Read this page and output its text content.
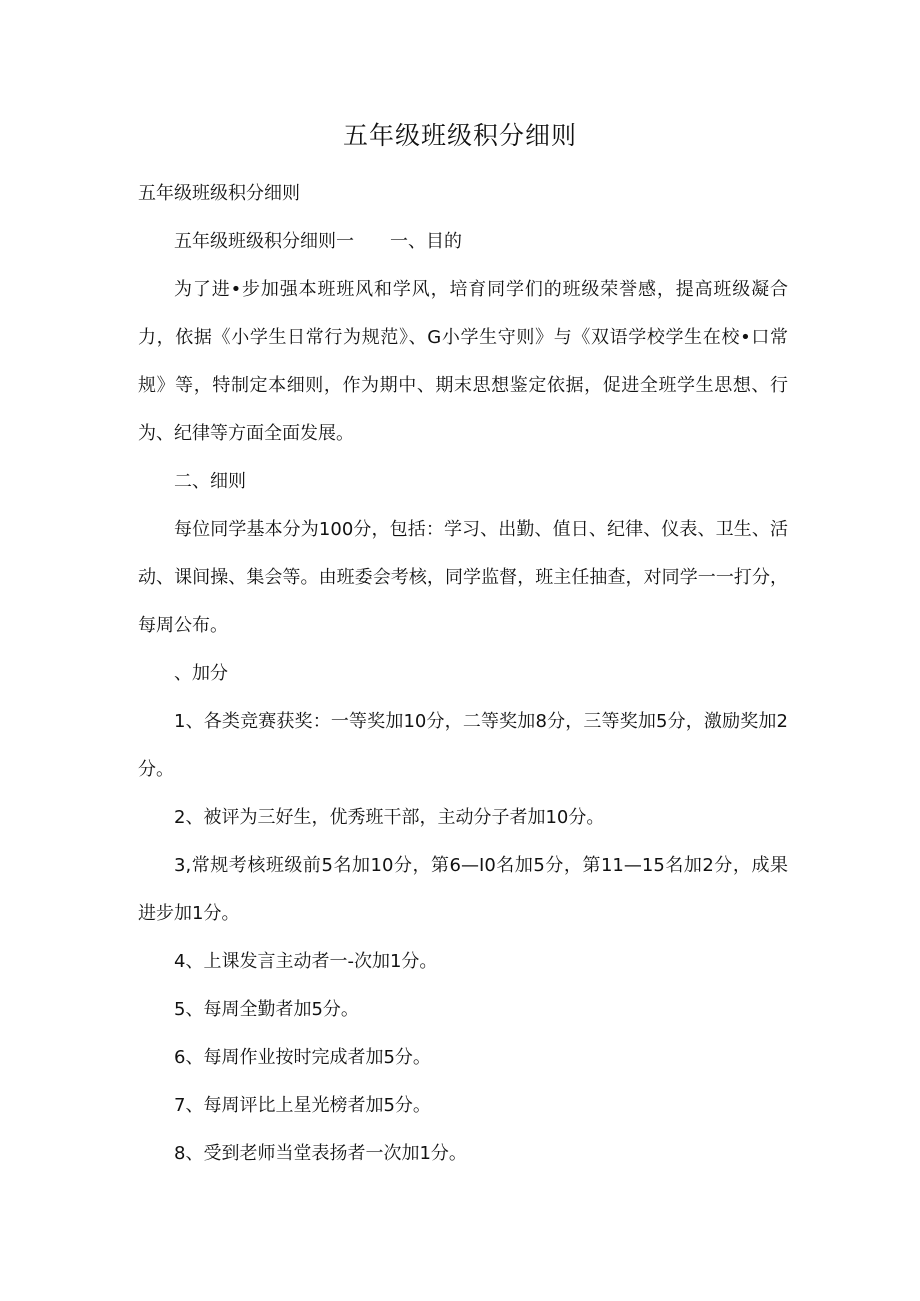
五年级班级积分细则

五年级班级积分细则

五年级班级积分细则一　　一、目的

为了进•步加强本班班风和学风，培育同学们的班级荣誉感，提高班级凝合力，依据《小学生日常行为规范》、G小学生守则》与《双语学校学生在校•口常规》等，特制定本细则，作为期中、期末思想鉴定依据，促进全班学生思想、行为、纪律等方面全面发展。

二、细则

每位同学基本分为100分，包括：学习、出勤、值日、纪律、仪表、卫生、活动、课间操、集会等。由班委会考核，同学监督，班主任抽查，对同学一一打分，每周公布。

、加分

1、各类竞赛获奖：一等奖加10分，二等奖加8分，三等奖加5分，激励奖加2分。

2、被评为三好生，优秀班干部，主动分子者加10分。

3,常规考核班级前5名加10分，第6—I0名加5分，第11—15名加2分，成果进步加1分。

4、上课发言主动者一-次加1分。

5、每周全勤者加5分。

6、每周作业按时完成者加5分。

7、每周评比上星光榜者加5分。

8、受到老师当堂表扬者一次加1分。
